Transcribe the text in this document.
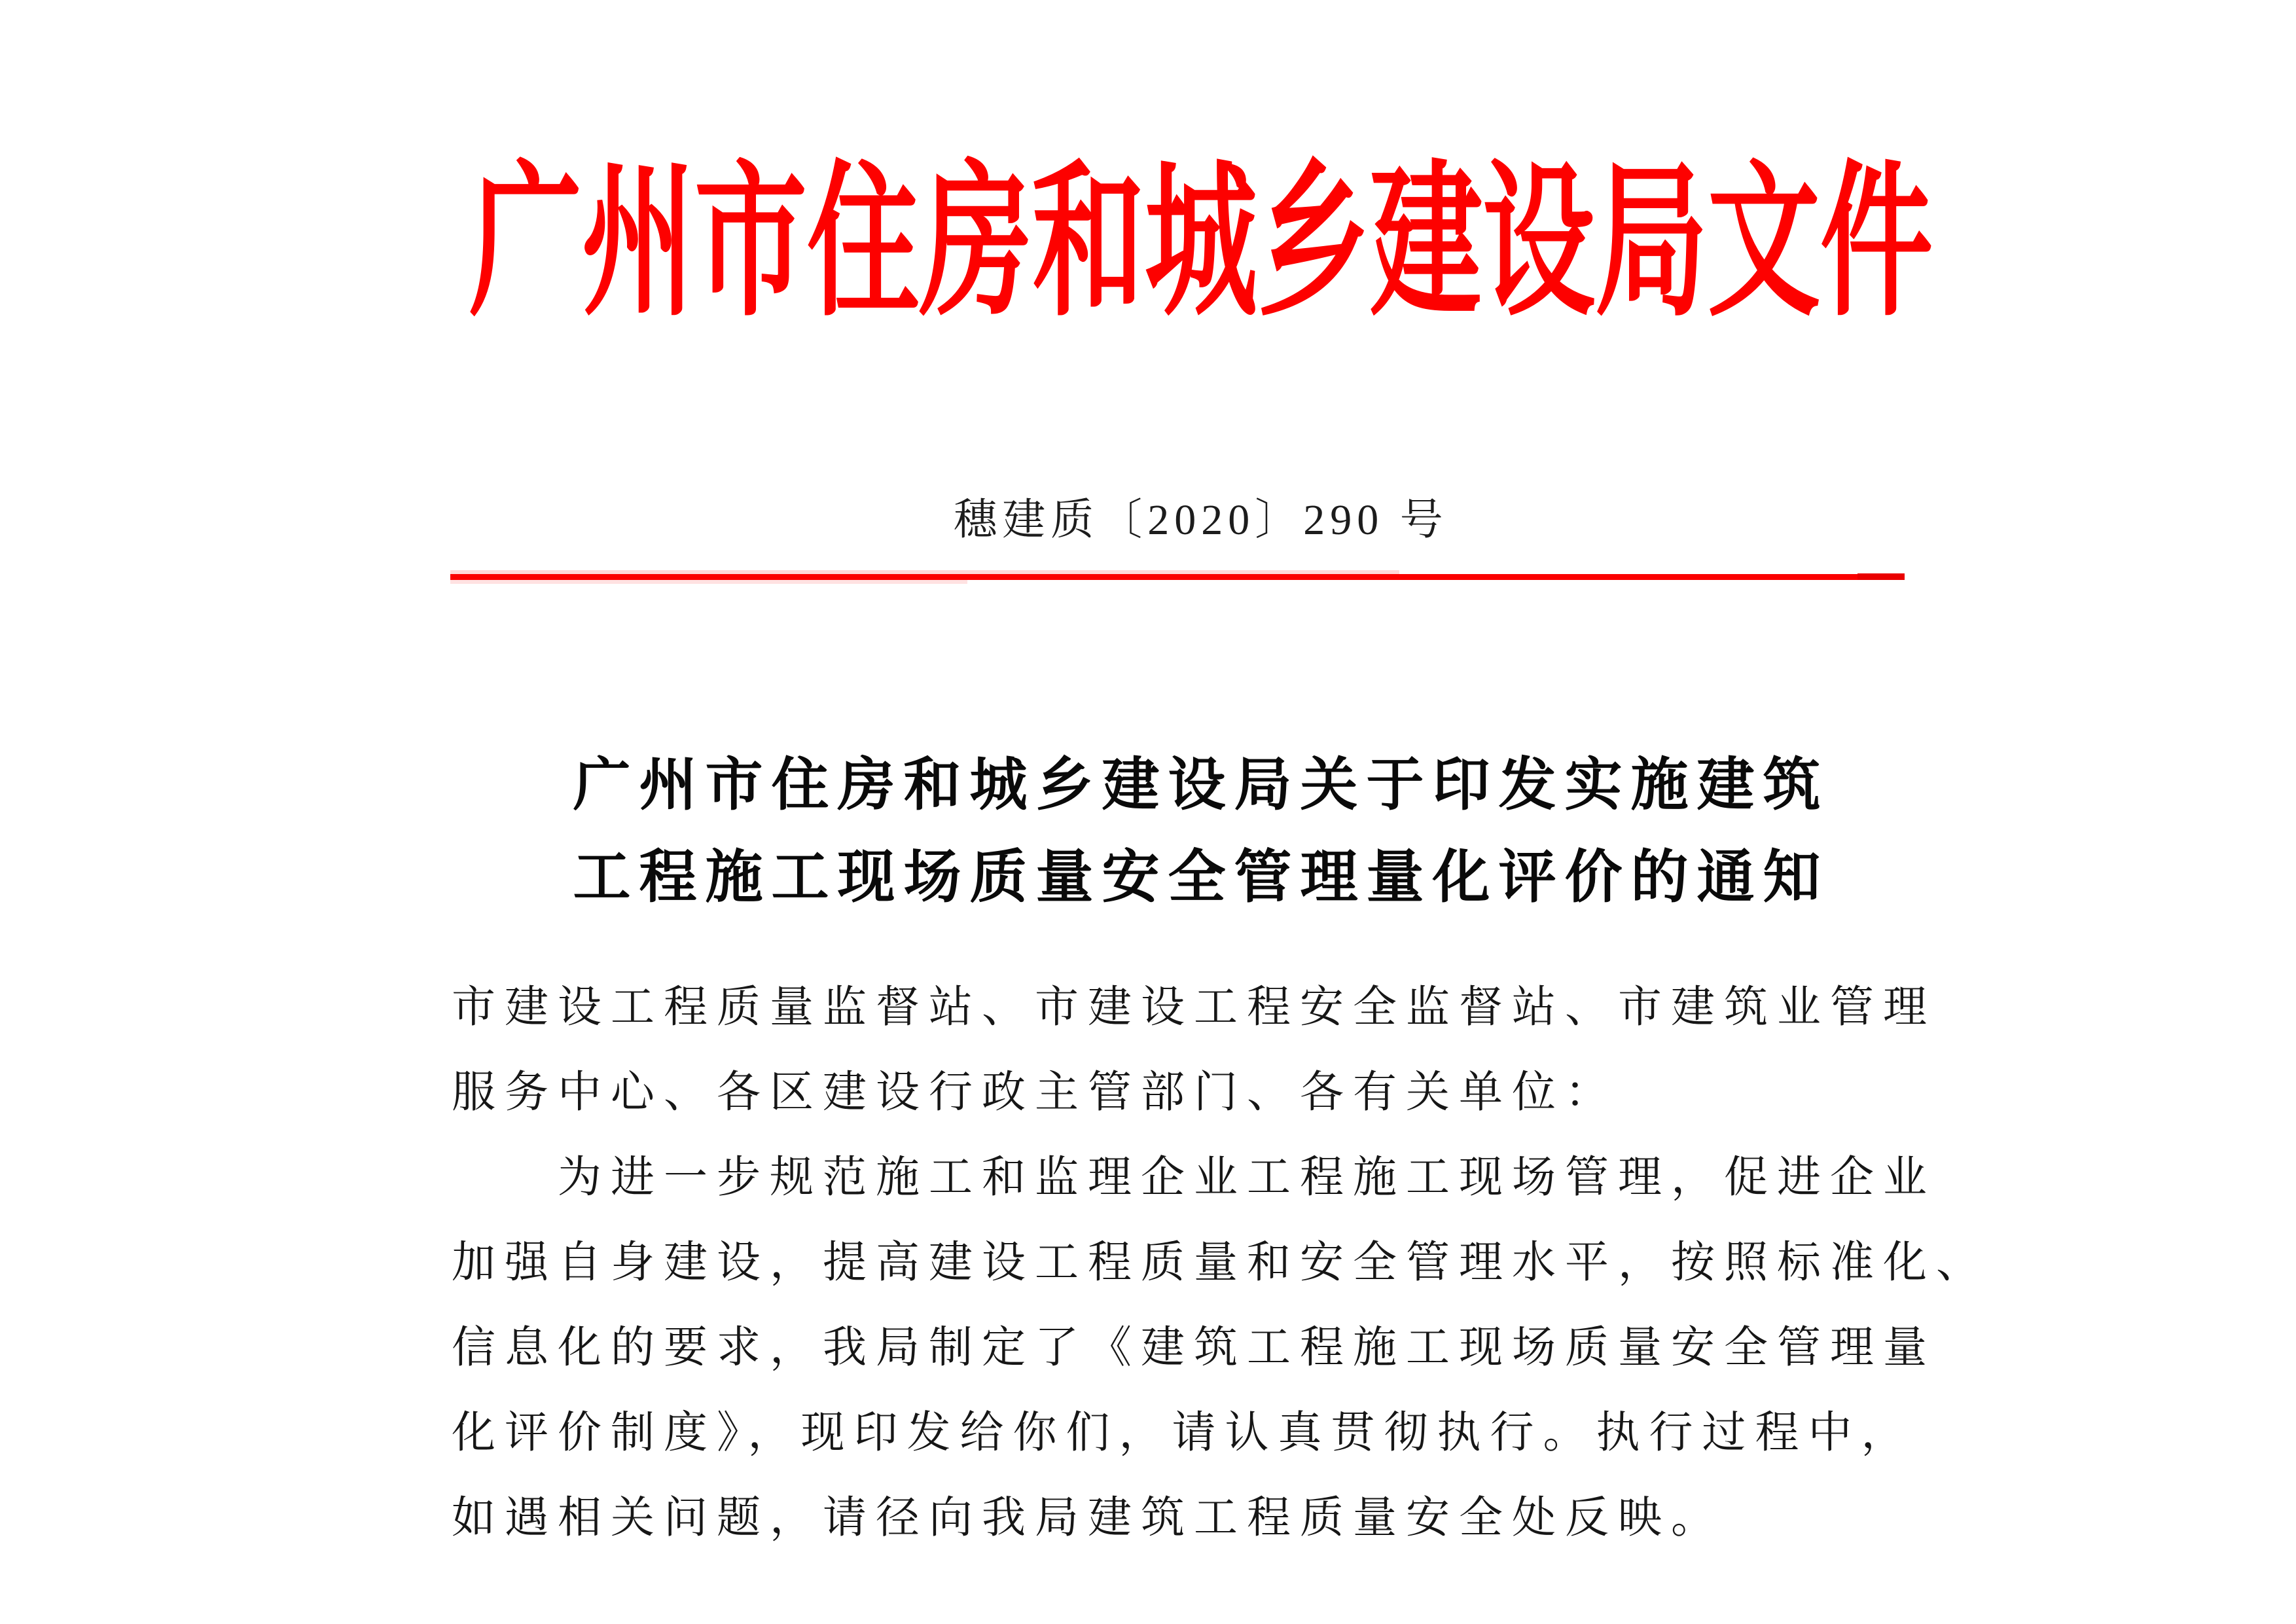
广州市住房和城乡建设局文件
穗建质〔2020〕290 号
广州市住房和城乡建设局关于印发实施建筑
工程施工现场质量安全管理量化评价的通知
市建设工程质量监督站、市建设工程安全监督站、市建筑业管理
服务中心、各区建设行政主管部门、各有关单位：
为进一步规范施工和监理企业工程施工现场管理，促进企业
加强自身建设，提高建设工程质量和安全管理水平，按照标准化、
信息化的要求，我局制定了《建筑工程施工现场质量安全管理量
化评价制度》，现印发给你们，请认真贯彻执行。执行过程中，
如遇相关问题，请径向我局建筑工程质量安全处反映。
